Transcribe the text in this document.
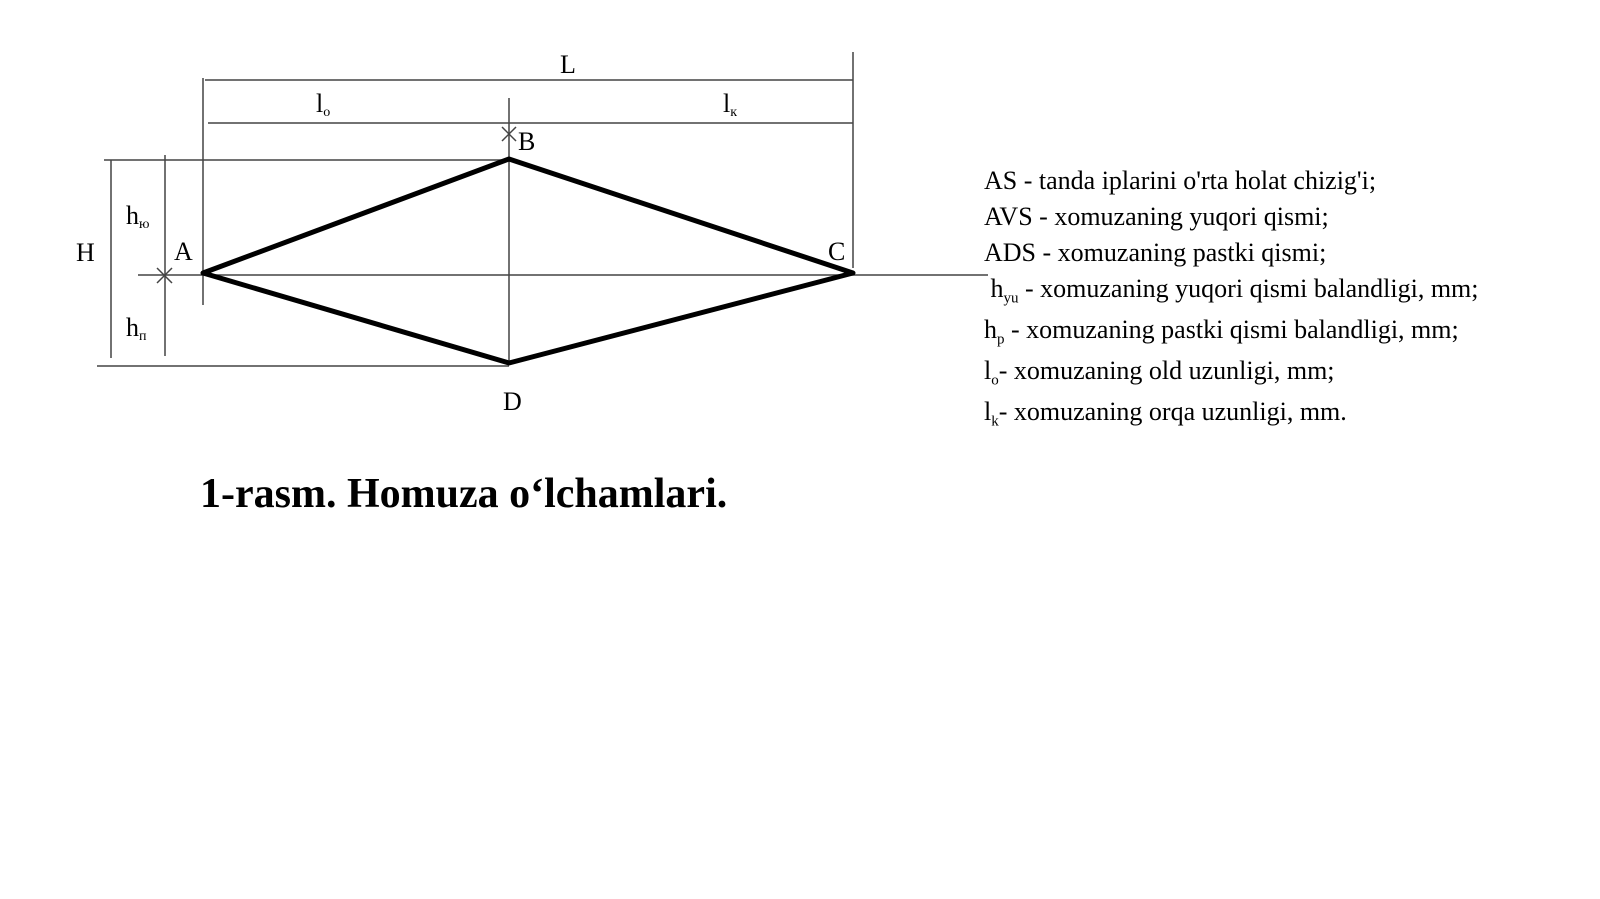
L
lo	lк
B
hю
H	A	C
hп
D
AS - tanda iplarini o'rta holat chizig'i;
AVS - xomuzaning yuqori qismi;
ADS - xomuzaning pastki qismi;
$h_{yu}$ - xomuzaning yuqori qismi balandligi, mm;
$h_p$ - xomuzaning pastki qismi balandligi, mm;
$l_o-$ xomuzaning old uzunligi, mm;
$l_k-$ xomuzaning orqa uzunligi, mm.
1-rasm. Homuza o‘lchamlari.
